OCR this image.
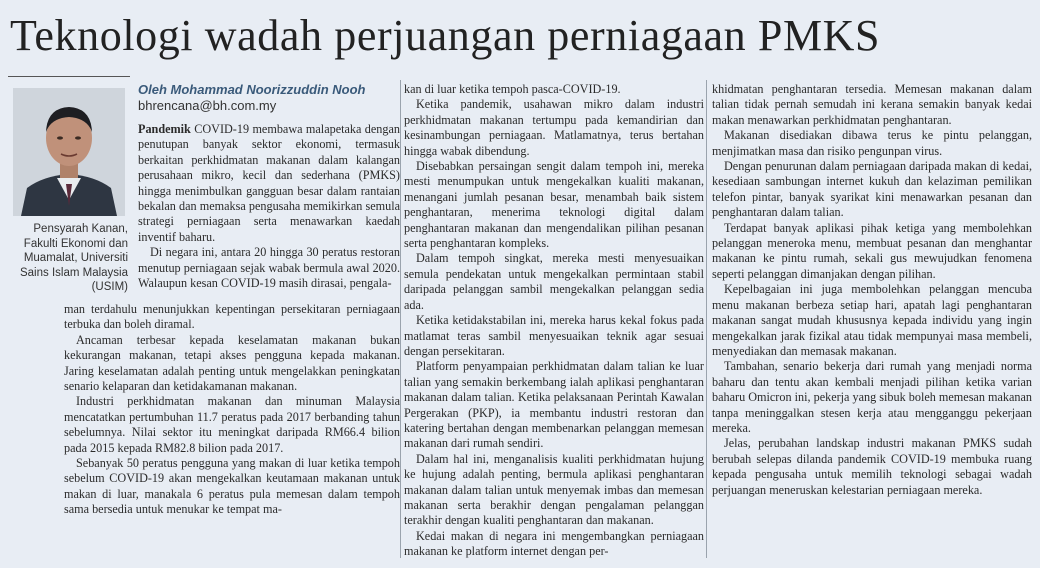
Teknologi wadah perjuangan perniagaan PMKS
Pensyarah Kanan, Fakulti Ekonomi dan Muamalat, Universiti Sains Islam Malaysia (USIM)
Oleh Mohammad Noorizzuddin Nooh
bhrencana@bh.com.my

Pandemik COVID-19 membawa malapetaka dengan penutupan banyak sektor ekonomi, termasuk berkaitan perkhidmatan makanan dalam kalangan perusahaan mikro, kecil dan sederhana (PMKS) hingga menimbulkan gangguan besar dalam rantaian bekalan dan memaksa pengusaha memikirkan semula strategi perniagaan serta menawarkan kaedah inventif baharu.

Di negara ini, antara 20 hingga 30 peratus restoran menutup perniagaan sejak wabak bermula awal 2020. Walaupun kesan COVID-19 masih dirasai, pengala-

man terdahulu menunjukkan kepentingan persekitaran perniagaan terbuka dan boleh diramal.

Ancaman terbesar kepada keselamatan makanan bukan kekurangan makanan, tetapi akses pengguna kepada makanan. Jaring keselamatan adalah penting untuk mengelakkan peningkatan senario kelaparan dan ketidakamanan makanan.

Industri perkhidmatan makanan dan minuman Malaysia mencatatkan pertumbuhan 11.7 peratus pada 2017 berbanding tahun sebelumnya. Nilai sektor itu meningkat daripada RM66.4 bilion pada 2015 kepada RM82.8 bilion pada 2017.

Sebanyak 50 peratus pengguna yang makan di luar ketika tempoh sebelum COVID-19 akan mengekalkan keutamaan makanan untuk makan di luar, manakala 6 peratus pula memesan dalam tempoh sama bersedia untuk menukar ke tempat ma-

kan di luar ketika tempoh pasca-COVID-19.

Ketika pandemik, usahawan mikro dalam industri perkhidmatan makanan tertumpu pada kemandirian dan kesinambungan perniagaan. Matlamatnya, terus bertahan hingga wabak dibendung.

Disebabkan persaingan sengit dalam tempoh ini, mereka mesti menumpukan untuk mengekalkan kualiti makanan, menangani jumlah pesanan besar, menambah baik sistem penghantaran, menerima teknologi digital dalam penghantaran makanan dan mengendalikan pilihan pesanan serta penghantaran kompleks.

Dalam tempoh singkat, mereka mesti menyesuaikan semula pendekatan untuk mengekalkan permintaan stabil daripada pelanggan sambil mengekalkan pelanggan sedia ada.

Ketika ketidakstabilan ini, mereka harus kekal fokus pada matlamat teras sambil menyesuaikan teknik agar sesuai dengan persekitaran.

Platform penyampaian perkhidmatan dalam talian ke luar talian yang semakin berkembang ialah aplikasi penghantaran makanan dalam talian. Ketika pelaksanaan Perintah Kawalan Pergerakan (PKP), ia membantu industri restoran dan katering bertahan dengan membenarkan pelanggan memesan makanan dari rumah sendiri.

Dalam hal ini, menganalisis kualiti perkhidmatan hujung ke hujung adalah penting, bermula aplikasi penghantaran makanan dalam talian untuk menyemak imbas dan memesan makanan serta berakhir dengan pengalaman pelanggan terakhir dengan kualiti penghantaran dan makanan.

Kedai makan di negara ini mengembangkan perniagaan makanan ke platform internet dengan per-

khidmatan penghantaran tersedia. Memesan makanan dalam talian tidak pernah semudah ini kerana semakin banyak kedai makan menawarkan perkhidmatan penghantaran.

Makanan disediakan dibawa terus ke pintu pelanggan, menjimatkan masa dan risiko pengunpan virus.

Dengan penurunan dalam perniagaan daripada makan di kedai, kesediaan sambungan internet kukuh dan kelaziman pemilikan telefon pintar, banyak syarikat kini menawarkan pesanan dan penghantaran dalam talian.

Terdapat banyak aplikasi pihak ketiga yang membolehkan pelanggan meneroka menu, membuat pesanan dan menghantar makanan ke pintu rumah, sekali gus mewujudkan fenomena seperti pelanggan dimanjakan dengan pilihan.

Kepelbagaian ini juga membolehkan pelanggan mencuba menu makanan berbeza setiap hari, apatah lagi penghantaran makanan sangat mudah khususnya kepada individu yang ingin mengekalkan jarak fizikal atau tidak mempunyai masa membeli, menyediakan dan memasak makanan.

Tambahan, senario bekerja dari rumah yang menjadi norma baharu dan tentu akan kembali menjadi pilihan ketika varian baharu Omicron ini, pekerja yang sibuk boleh memesan makanan tanpa meninggalkan stesen kerja atau mengganggu pekerjaan mereka.

Jelas, perubahan landskap industri makanan PMKS sudah berubah selepas dilanda pandemik COVID-19 membuka ruang kepada pengusaha untuk memilih teknologi sebagai wadah perjuangan meneruskan kelestarian perniagaan mereka.
